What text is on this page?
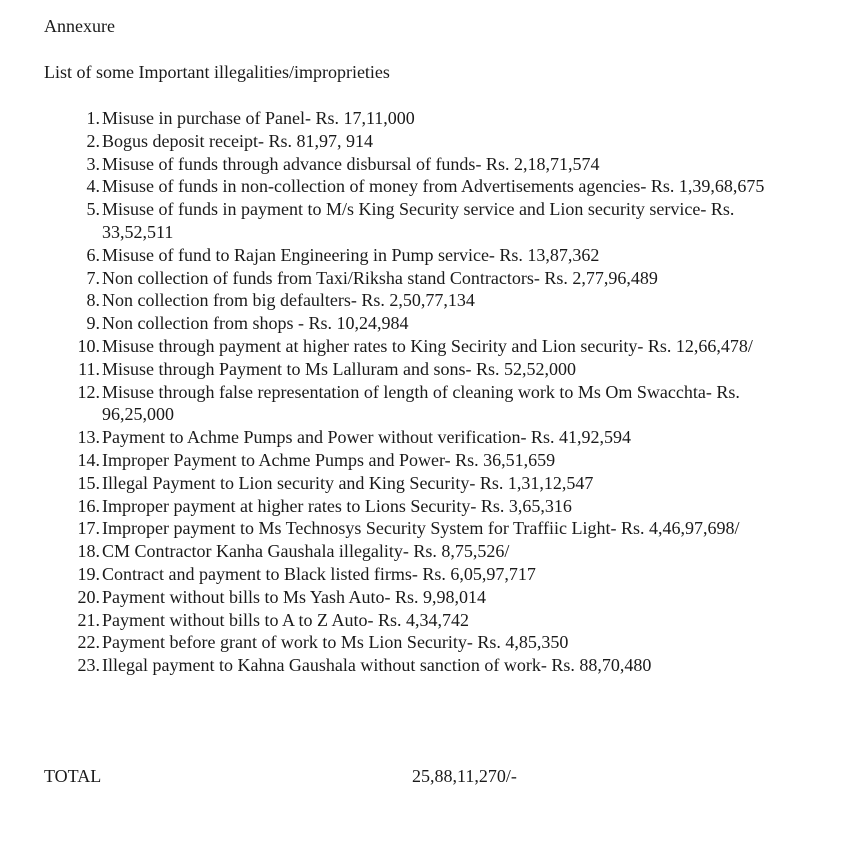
Annexure
List of some Important illegalities/improprieties
1. Misuse in purchase of Panel- Rs. 17,11,000
2. Bogus deposit receipt- Rs. 81,97, 914
3. Misuse of funds through advance disbursal of funds- Rs. 2,18,71,574
4. Misuse of funds in non-collection of money from Advertisements agencies- Rs. 1,39,68,675
5. Misuse of funds in payment to M/s King Security service and Lion security service- Rs. 33,52,511
6. Misuse of fund to Rajan Engineering in Pump service- Rs. 13,87,362
7. Non collection of funds from Taxi/Riksha stand Contractors- Rs. 2,77,96,489
8. Non collection from big defaulters- Rs. 2,50,77,134
9. Non collection from shops - Rs. 10,24,984
10. Misuse through payment at higher rates to King Secirity and Lion security- Rs. 12,66,478/
11. Misuse through Payment to Ms Lalluram and sons- Rs. 52,52,000
12. Misuse through false representation of length of cleaning work to Ms Om Swacchta- Rs. 96,25,000
13. Payment to Achme Pumps and Power without verification- Rs. 41,92,594
14. Improper Payment to Achme Pumps and Power- Rs. 36,51,659
15. Illegal Payment to Lion security and King Security- Rs. 1,31,12,547
16. Improper payment at higher rates to Lions Security- Rs. 3,65,316
17. Improper payment to Ms Technosys Security System for Traffiic Light- Rs. 4,46,97,698/
18. CM Contractor Kanha Gaushala illegality- Rs. 8,75,526/
19. Contract and payment to Black listed firms- Rs. 6,05,97,717
20. Payment without bills to Ms Yash Auto- Rs. 9,98,014
21. Payment without bills to A to Z Auto- Rs. 4,34,742
22. Payment before grant of work to Ms Lion Security- Rs. 4,85,350
23. Illegal payment to Kahna Gaushala without sanction of work- Rs. 88,70,480
TOTAL	25,88,11,270/-
